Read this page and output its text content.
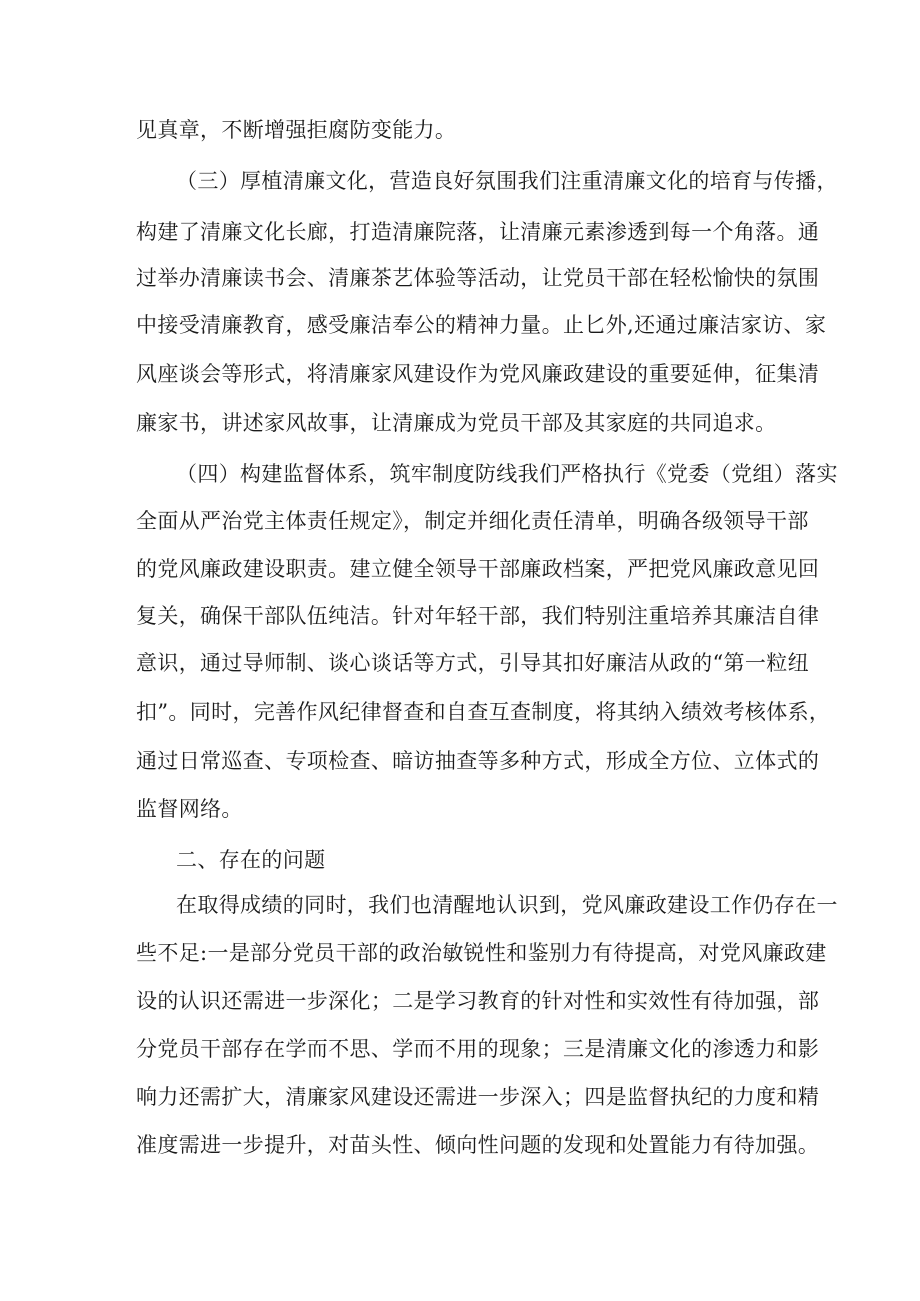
见真章，不断增强拒腐防变能力。
（三）厚植清廉文化，营造良好氛围我们注重清廉文化的培育与传播，
构建了清廉文化长廊，打造清廉院落，让清廉元素渗透到每一个角落。通
过举办清廉读书会、清廉茶艺体验等活动，让党员干部在轻松愉快的氛围
中接受清廉教育，感受廉洁奉公的精神力量。止匕外,还通过廉洁家访、家
风座谈会等形式，将清廉家风建设作为党风廉政建设的重要延伸，征集清
廉家书，讲述家风故事，让清廉成为党员干部及其家庭的共同追求。
（四）构建监督体系，筑牢制度防线我们严格执行《党委（党组）落实
全面从严治党主体责任规定》，制定并细化责任清单，明确各级领导干部
的党风廉政建设职责。建立健全领导干部廉政档案，严把党风廉政意见回
复关，确保干部队伍纯洁。针对年轻干部，我们特别注重培养其廉洁自律
意识，通过导师制、谈心谈话等方式，引导其扣好廉洁从政的“第一粒纽
扣”。同时，完善作风纪律督查和自查互查制度，将其纳入绩效考核体系，
通过日常巡查、专项检查、暗访抽查等多种方式，形成全方位、立体式的
监督网络。
二、存在的问题
在取得成绩的同时，我们也清醒地认识到，党风廉政建设工作仍存在一
些不足:一是部分党员干部的政治敏锐性和鉴别力有待提高，对党风廉政建
设的认识还需进一步深化；二是学习教育的针对性和实效性有待加强，部
分党员干部存在学而不思、学而不用的现象；三是清廉文化的渗透力和影
响力还需扩大，清廉家风建设还需进一步深入；四是监督执纪的力度和精
准度需进一步提升，对苗头性、倾向性问题的发现和处置能力有待加强。
